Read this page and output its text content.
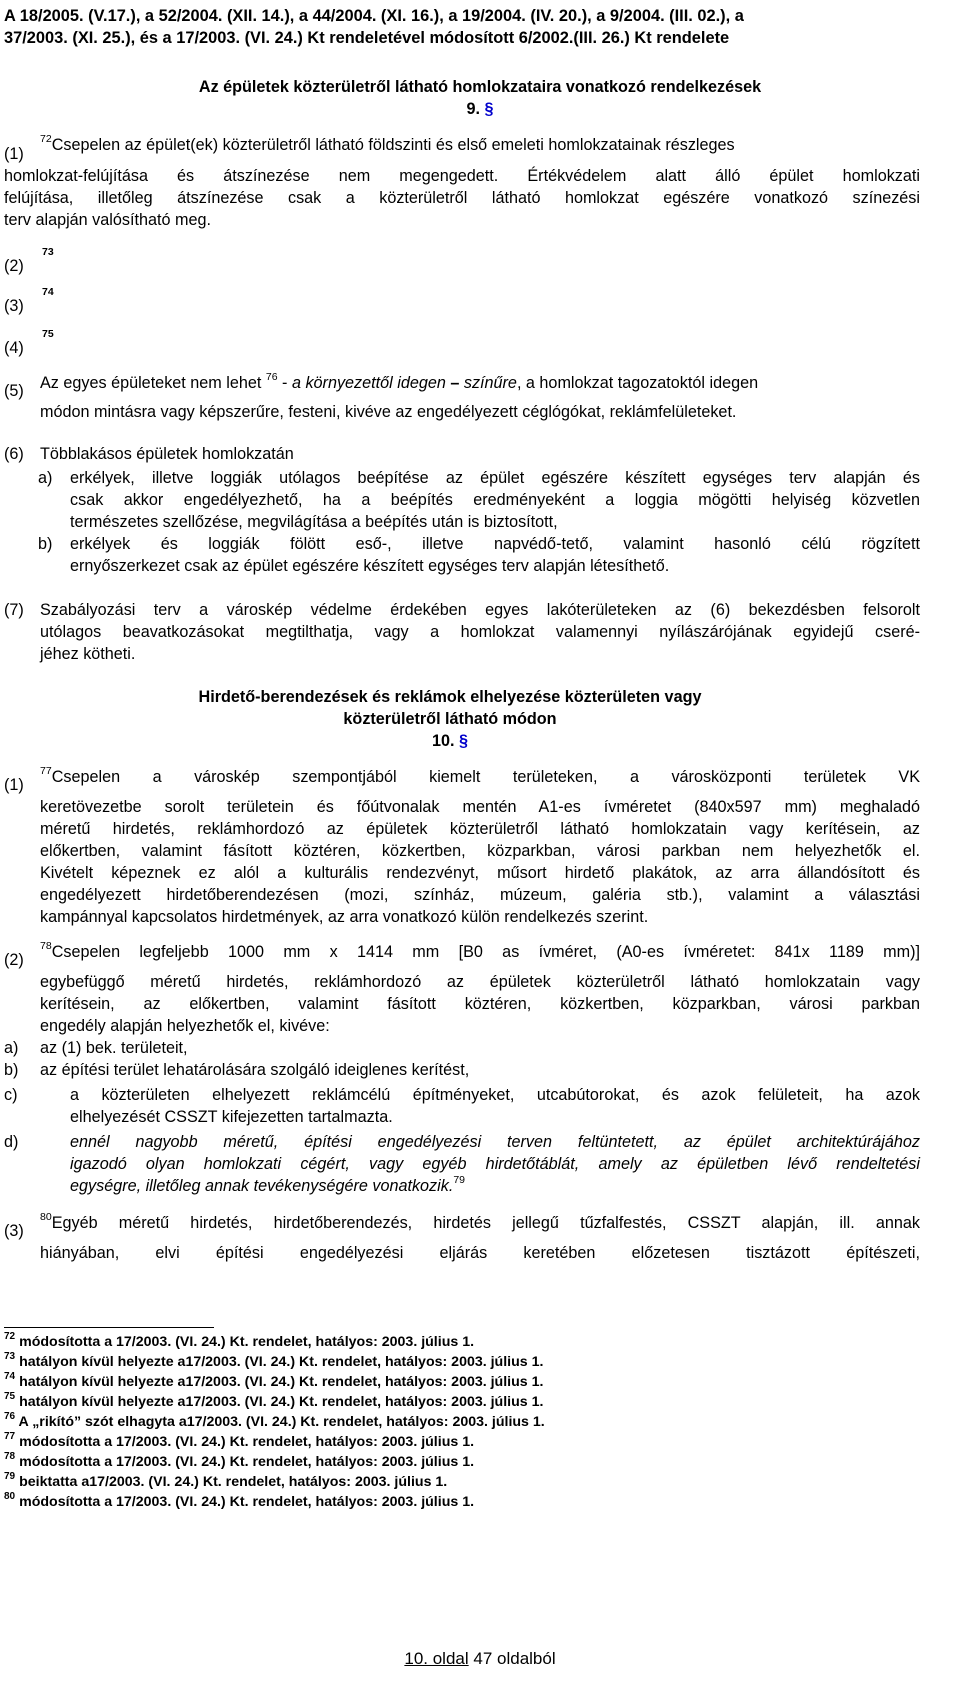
A 18/2005. (V.17.), a 52/2004. (XII. 14.), a 44/2004. (XI. 16.), a 19/2004. (IV. 20.), a 9/2004. (III. 02.), a
37/2003. (XI. 25.), és a 17/2003. (VI. 24.) Kt rendeletével módosított 6/2002.(III. 26.) Kt rendelete
Az épületek közterületről látható homlokzataira vonatkozó rendelkezések
9. §
(1)
$^{72}$Csepelen az épület(ek) közterületről látható földszinti és első emeleti homlokzatainak részleges
homlokzat-felújítása és átszínezése nem megengedett. Értékvédelem alatt álló épület homlokzati
felújítása, illetőleg átszínezése csak a közterületről látható homlokzat egészére vonatkozó színezési
terv alapján valósítható meg.
(2)
73
(3)
74
(4)
75
(5) Az egyes épületeket nem lehet $^{76}$ - a környezettől idegen – színűre, a homlokzat tagozatoktól idegen
módon mintásra vagy képszerűre, festeni, kivéve az engedélyezett céglógókat, reklámfelületeket.
(6) Többlakásos épületek homlokzatán
a) erkélyek, illetve loggiák utólagos beépítése az épület egészére készített egységes terv alapján és
csak akkor engedélyezhető, ha a beépítés eredményeként a loggia mögötti helyiség közvetlen
természetes szellőzése, megvilágítása a beépítés után is biztosított,
b) erkélyek és loggiák fölött eső-, illetve napvédő-tető, valamint hasonló célú rögzített
ernyőszerkezet csak az épület egészére készített egységes terv alapján létesíthető.
(7) Szabályozási terv a városkép védelme érdekében egyes lakóterületeken az (6) bekezdésben felsorolt
utólagos beavatkozásokat megtilthatja, vagy a homlokzat valamennyi nyílászárójának egyidejű cseré-
jéhez kötheti.
Hirdető-berendezések és reklámok elhelyezése közterületen vagy
közterületről látható módon
10. §
(1)
$^{77}$Csepelen a városkép szempontjából kiemelt területeken, a városközponti területek VK
keretövezetbe sorolt területein és főútvonalak mentén A1-es ívméretet (840x597 mm) meghaladó
méretű hirdetés, reklámhordozó az épületek közterületről látható homlokzatain vagy kerítésein, az
előkertben, valamint fásított köztéren, közkertben, közparkban, városi parkban nem helyezhetők el.
Kivételt képeznek ez alól a kulturális rendezvényt, műsort hirdető plakátok, az arra állandósított és
engedélyezett hirdetőberendezésen (mozi, színház, múzeum, galéria stb.), valamint a választási
kampánnyal kapcsolatos hirdetmények, az arra vonatkozó külön rendelkezés szerint.
(2)
$^{78}$Csepelen legfeljebb 1000 mm x 1414 mm [B0 as ívméret, (A0-es ívméretet: 841x 1189 mm)]
egybefüggő méretű hirdetés, reklámhordozó az épületek közterületről látható homlokzatain vagy
kerítésein, az előkertben, valamint fásított köztéren, közkertben, közparkban, városi parkban
engedély alapján helyezhetők el, kivéve:
a) az (1) bek. területeit,
b) az építési terület lehatárolására szolgáló ideiglenes kerítést,
c)	a közterületen elhelyezett reklámcélú építményeket, utcabútorokat, és azok felületeit, ha azok
elhelyezését CSSZT kifejezetten tartalmazta.
d)	ennél nagyobb méretű, építési engedélyezési terven feltüntetett, az épület architektúrájához
igazodó olyan homlokzati cégért, vagy egyéb hirdetőtáblát, amely az épületben lévő rendeltetési
egységre, illetőleg annak tevékenységére vonatkozik.$^{79}$
(3)
$^{80}$Egyéb méretű hirdetés, hirdetőberendezés, hirdetés jellegű tűzfalfestés, CSSZT alapján, ill. annak
hiányában, elvi építési engedélyezési eljárás keretében előzetesen tisztázott építészeti,
$^{72}$ módosította a 17/2003. (VI. 24.) Kt. rendelet, hatályos: 2003. július 1.
$^{73}$ hatályon kívül helyezte a17/2003. (VI. 24.) Kt. rendelet, hatályos: 2003. július 1.
$^{74}$ hatályon kívül helyezte a17/2003. (VI. 24.) Kt. rendelet, hatályos: 2003. július 1.
$^{75}$ hatályon kívül helyezte a17/2003. (VI. 24.) Kt. rendelet, hatályos: 2003. július 1.
$^{76}$ A „rikító” szót elhagyta a17/2003. (VI. 24.) Kt. rendelet, hatályos: 2003. július 1.
$^{77}$ módosította a 17/2003. (VI. 24.) Kt. rendelet, hatályos: 2003. július 1.
$^{78}$ módosította a 17/2003. (VI. 24.) Kt. rendelet, hatályos: 2003. július 1.
$^{79}$ beiktatta a17/2003. (VI. 24.) Kt. rendelet, hatályos: 2003. július 1.
$^{80}$ módosította a 17/2003. (VI. 24.) Kt. rendelet, hatályos: 2003. július 1.
10. oldal 47 oldalból
